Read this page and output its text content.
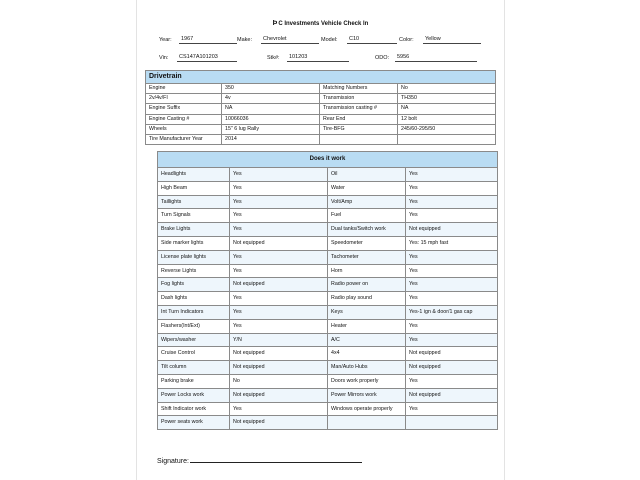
ÞC Investments Vehicle Check In
Year:	1967	Make:	Chevrolet	Model:	C10	Color:	Yellow
Vin:	CS147A101203	Stk#:	101203	ODO:	5956
Drivetrain			
Engine	350	Matching Numbers	No
2v/4v/FI	4v	Transmission	TH350
Engine Suffix	NA	Transmission casting #	NA
Engine Casting #	10066036	Rear End	12 bolt
Wheels	15" 6 lug Rally	Tire-BFG	245/60-295/50
Tire Manufacturer Year	2014		
Does it work			
Headlights	Yes	Oil	Yes
High Beam	Yes	Water	Yes
Taillights	Yes	Volt/Amp	Yes
Turn Signals	Yes	Fuel	Yes
Brake Lights	Yes	Dual tanks/Switch work	Not equipped
Side marker lights	Not equipped	Speedometer	Yes: 15 mph fast
License plate lights	Yes	Tachometer	Yes
Reverse Lights	Yes	Horn	Yes
Fog lights	Not equipped	Radio power on	Yes
Dash lights	Yes	Radio play sound	Yes
Int Turn Indicators	Yes	Keys	Yes-1 ign & door/1 gas cap
Flashers(Int/Ext)	Yes	Heater	Yes
Wipers/washer	Y/N	A/C	Yes
Cruise Control	Not equipped	4x4	Not equipped
Tilt column	Not equipped	Man/Auto Hubs	Not equipped
Parking brake	No	Doors work properly	Yes
Power Locks work	Not equipped	Power Mirrors work	Not equipped
Shift Indicator work	Yes	Windows operate properly	Yes
Power seats work	Not equipped		
Signature:
